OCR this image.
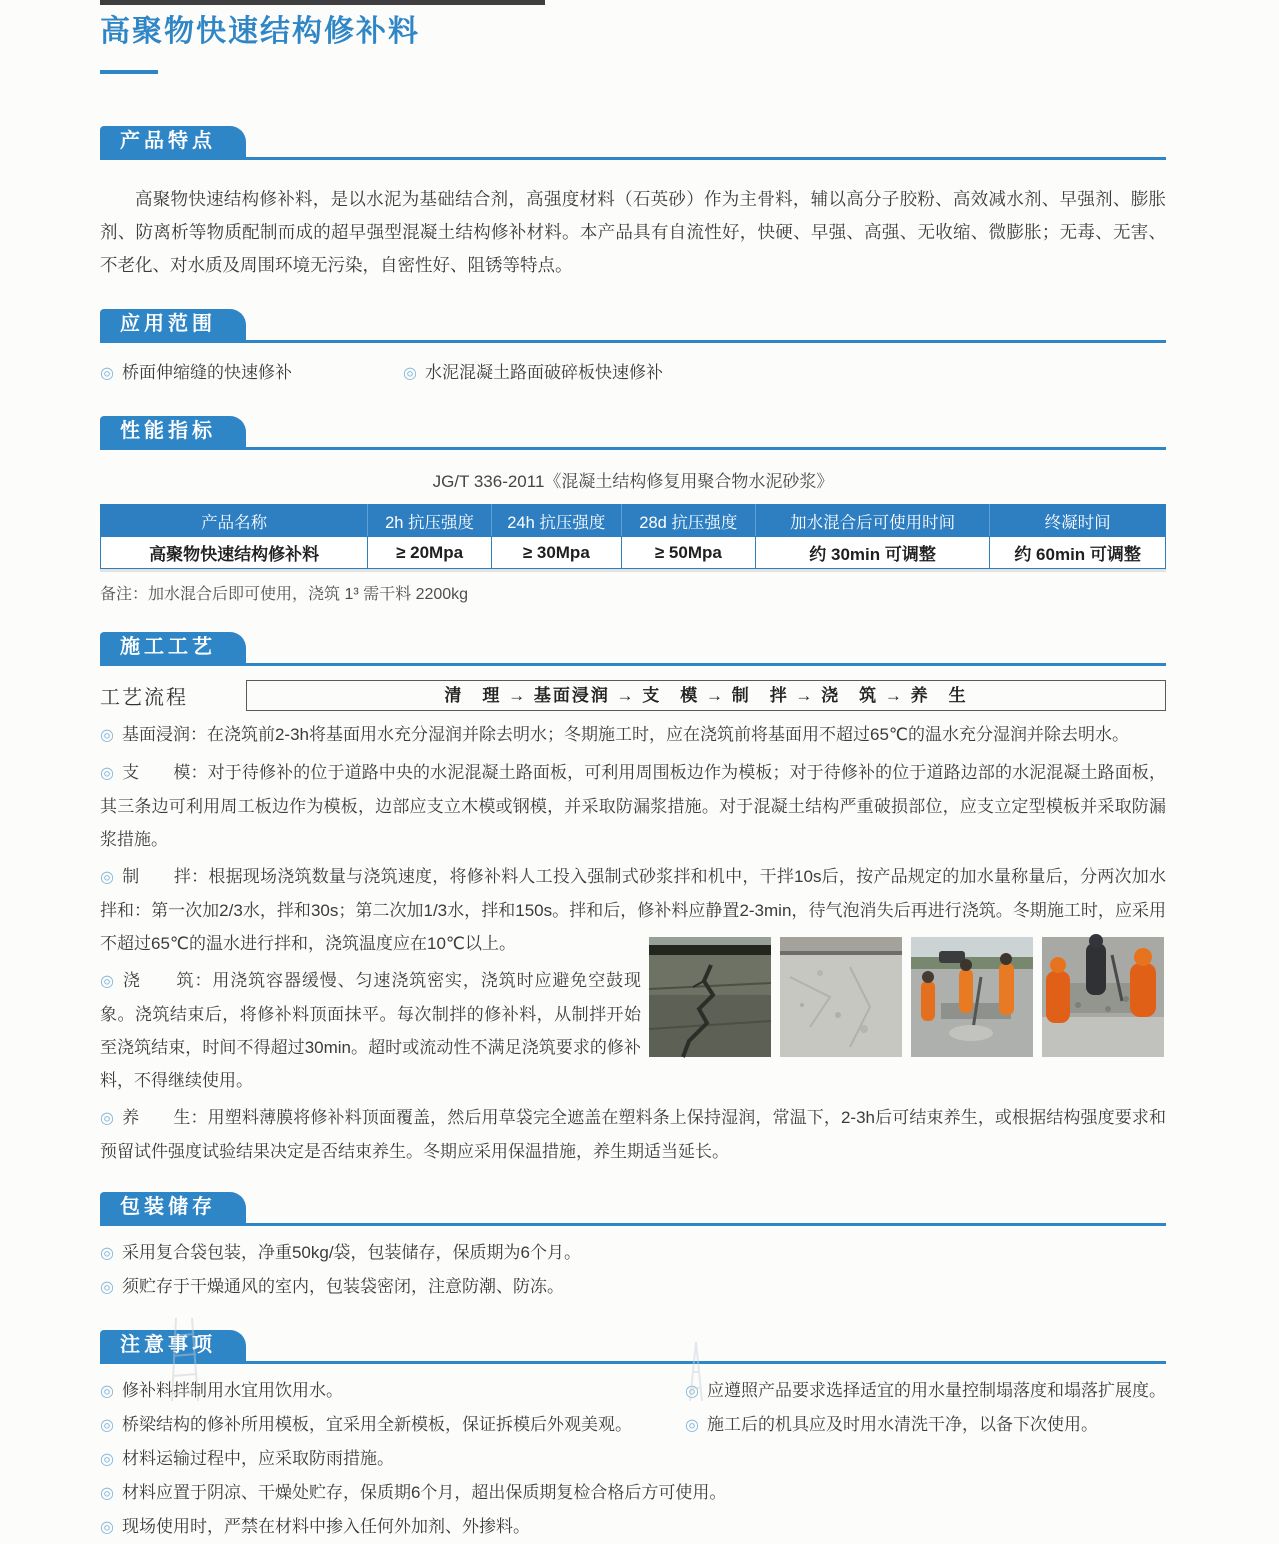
高聚物快速结构修补料
产品特点

高聚物快速结构修补料，是以水泥为基础结合剂，高强度材料（石英砂）作为主骨料，辅以高分子胶粉、高效减水剂、早强剂、膨胀剂、防离析等物质配制而成的超早强型混凝土结构修补材料。本产品具有自流性好，快硬、早强、高强、无收缩、微膨胀；无毒、无害、不老化、对水质及周围环境无污染，自密性好、阻锈等特点。

应用范围
◎ 桥面伸缩缝的快速修补	◎ 水泥混凝土路面破碎板快速修补
性能指标
JG/T 336-2011《混凝土结构修复用聚合物水泥砂浆》
产品名称	2h 抗压强度	24h 抗压强度	28d 抗压强度	加水混合后可使用时间	终凝时间
高聚物快速结构修补料	≥ 20Mpa	≥ 30Mpa	≥ 50Mpa	约 30min 可调整	约 60min 可调整
备注：加水混合后即可使用，浇筑 1³ 需干料 2200kg
施工工艺
工艺流程	清　理 → 基面浸润 → 支　模 → 制　拌 → 浇　筑 → 养　生
◎ 基面浸润：在浇筑前2-3h将基面用水充分湿润并除去明水；冬期施工时，应在浇筑前将基面用不超过65℃的温水充分湿润并除去明水。
◎ 支　　模：对于待修补的位于道路中央的水泥混凝土路面板，可利用周围板边作为模板；对于待修补的位于道路边部的水泥混凝土路面板，其三条边可利用周工板边作为模板，边部应支立木模或钢模，并采取防漏浆措施。对于混凝土结构严重破损部位，应支立定型模板并采取防漏浆措施。
◎ 制　　拌：根据现场浇筑数量与浇筑速度，将修补料人工投入强制式砂浆拌和机中，干拌10s后，按产品规定的加水量称量后，分两次加水拌和：第一次加2/3水，拌和30s；第二次加1/3水，拌和150s。拌和后，修补料应静置2-3min，待气泡消失后再进行浇筑。冬期施工时，应采用不超过65℃的温水进行拌和，浇筑温度应在10℃以上。
◎ 浇　　筑：用浇筑容器缓慢、匀速浇筑密实，浇筑时应避免空鼓现象。浇筑结束后，将修补料顶面抹平。每次制拌的修补料，从制拌开始至浇筑结束，时间不得超过30min。超时或流动性不满足浇筑要求的修补料，不得继续使用。
◎ 养　　生：用塑料薄膜将修补料顶面覆盖，然后用草袋完全遮盖在塑料条上保持湿润，常温下，2-3h后可结束养生，或根据结构强度要求和预留试件强度试验结果决定是否结束养生。冬期应采用保温措施，养生期适当延长。
包装储存
◎ 采用复合袋包装，净重50kg/袋，包装储存，保质期为6个月。
◎ 须贮存于干燥通风的室内，包装袋密闭，注意防潮、防冻。
注意事项
◎ 修补料拌制用水宜用饮用水。	◎ 应遵照产品要求选择适宜的用水量控制塌落度和塌落扩展度。
◎ 桥梁结构的修补所用模板，宜采用全新模板，保证拆模后外观美观。	◎ 施工后的机具应及时用水清洗干净，以备下次使用。
◎ 材料运输过程中，应采取防雨措施。
◎ 材料应置于阴凉、干燥处贮存，保质期6个月，超出保质期复检合格后方可使用。
◎ 现场使用时，严禁在材料中掺入任何外加剂、外掺料。
